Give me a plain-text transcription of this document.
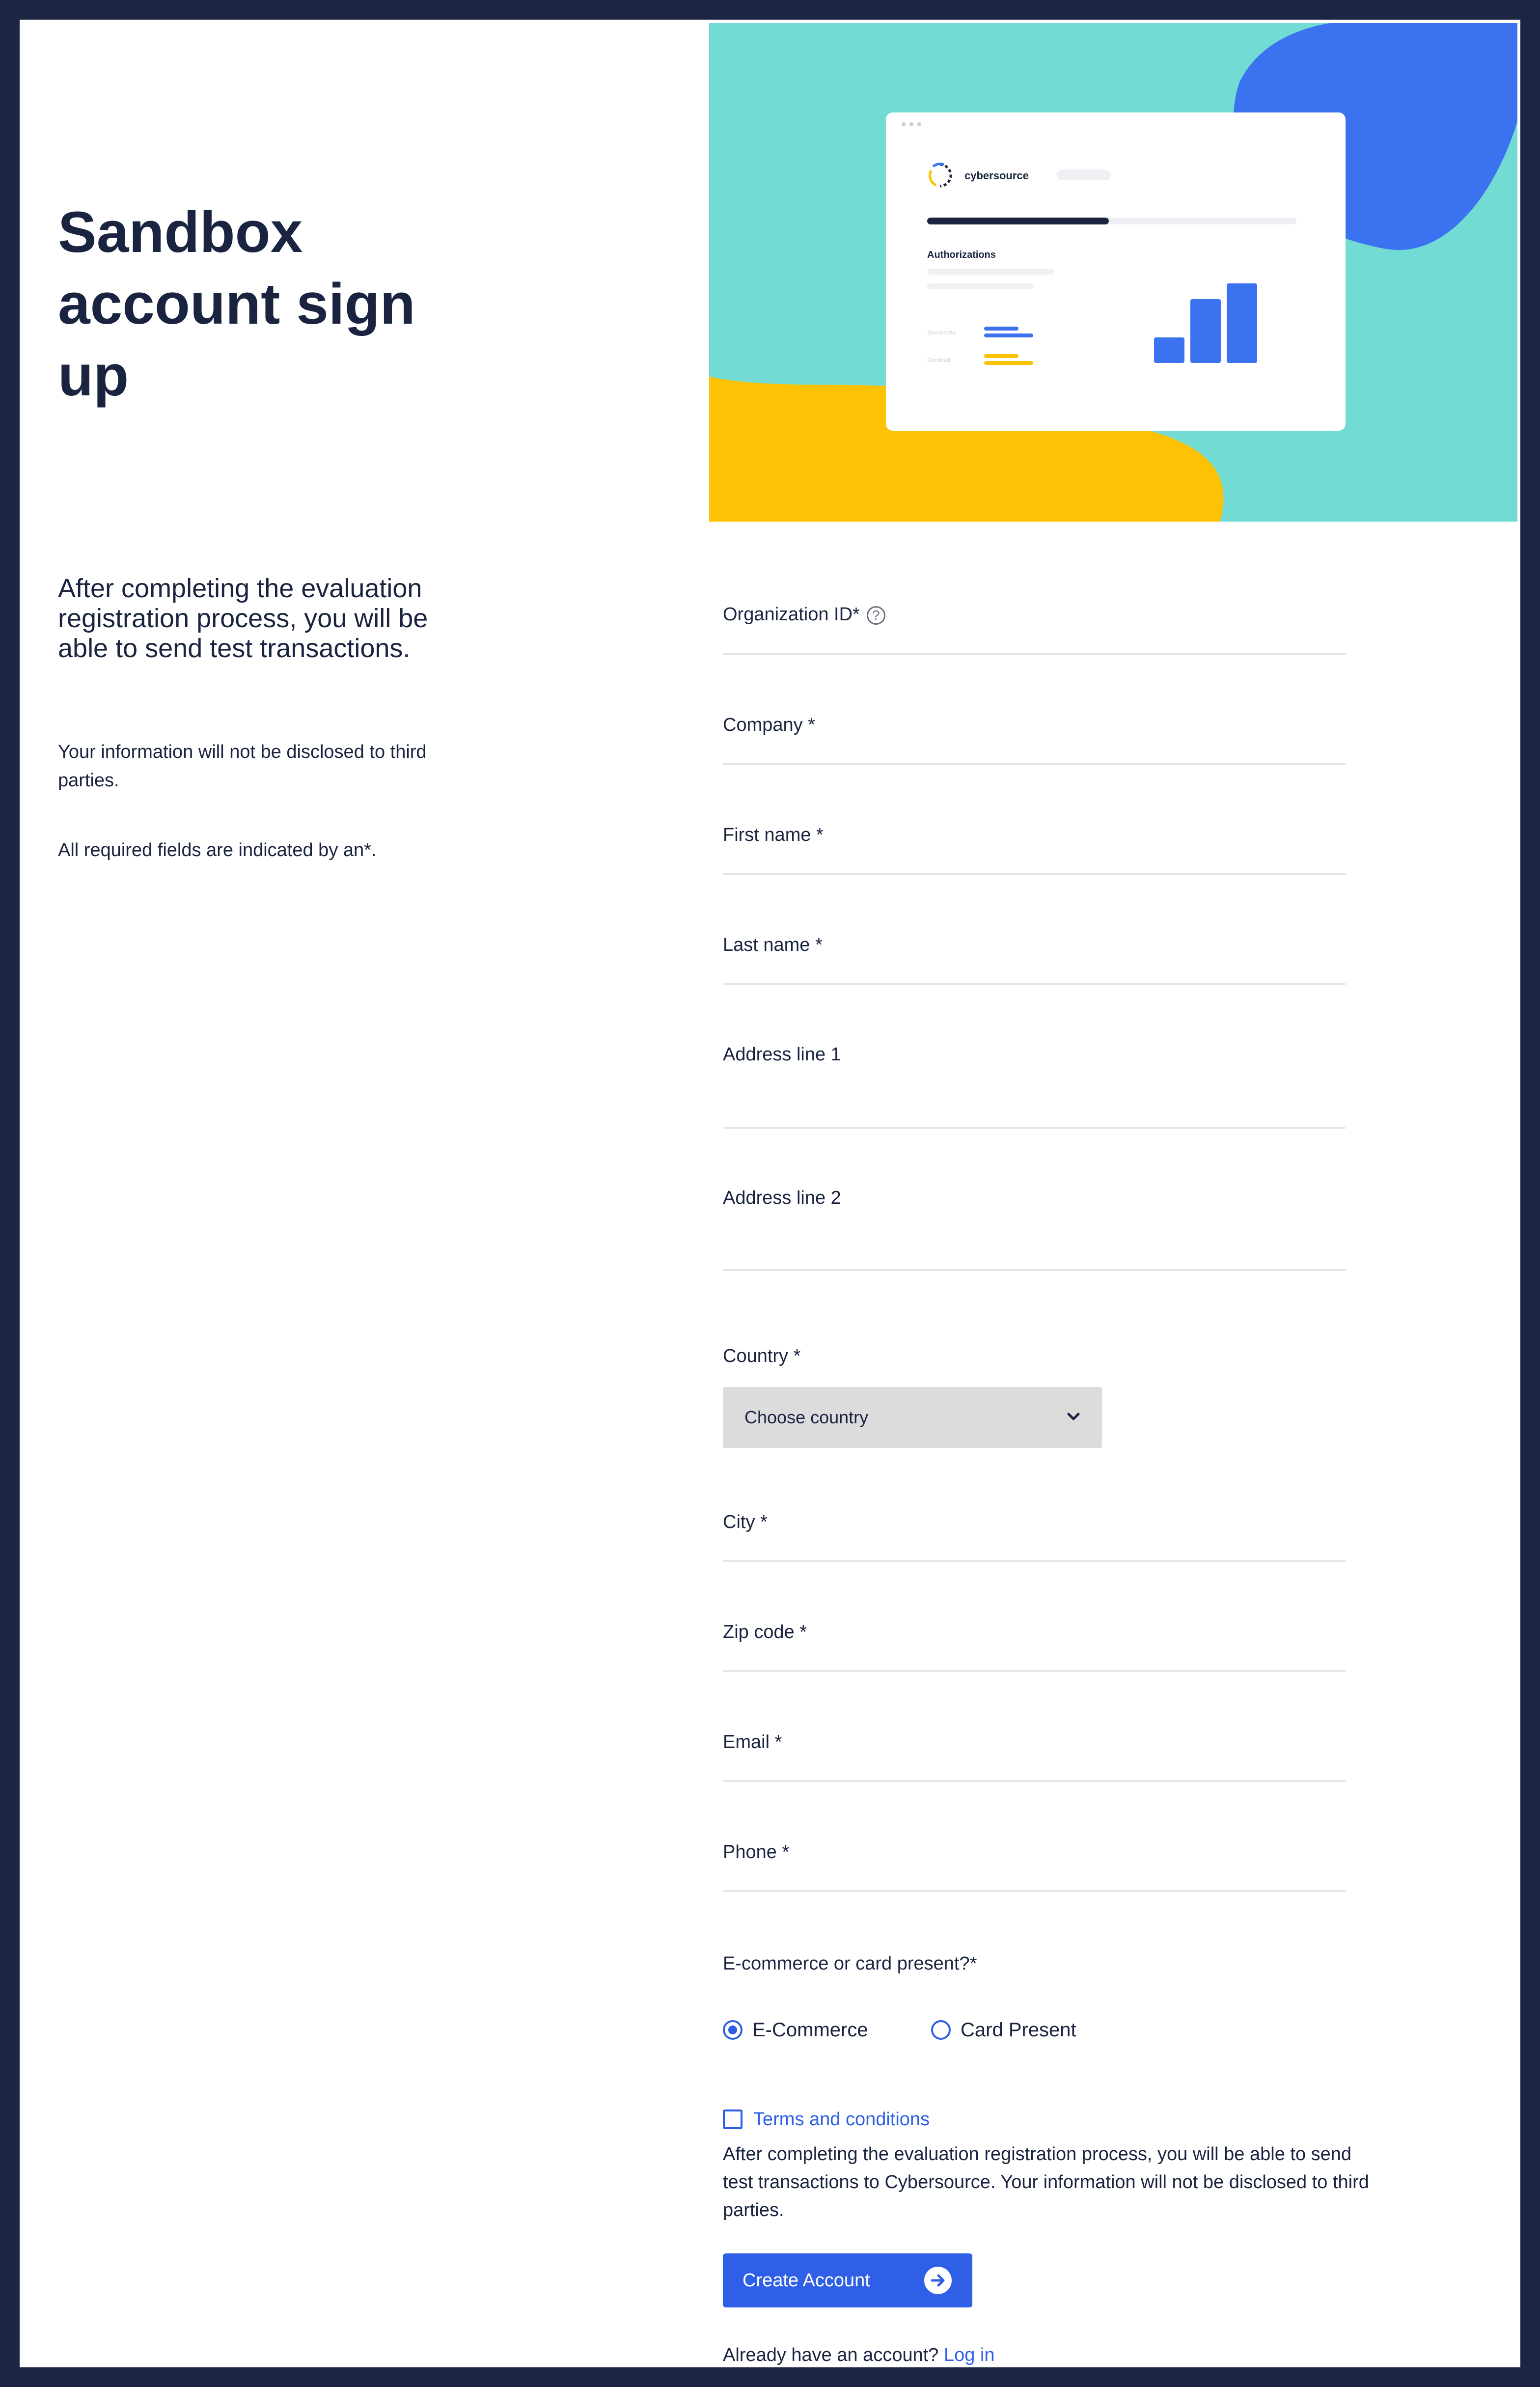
Sandbox account sign up

After completing the evaluation registration process, you will be able to send test transactions.

Your information will not be disclosed to third parties.

All required fields are indicated by an*.

cybersource
Authorizations
Successful
Declined
Organization ID* ?
Company *
First name *
Last name *
Address line 1
Address line 2
Country *
Choose country
City *
Zip code *
Email *
Phone *
E-commerce or card present?*
E-Commerce	Card Present
Terms and conditions

After completing the evaluation registration process, you will be able to send test transactions to Cybersource. Your information will not be disclosed to third parties.

Create Account
Already have an account? Log in
